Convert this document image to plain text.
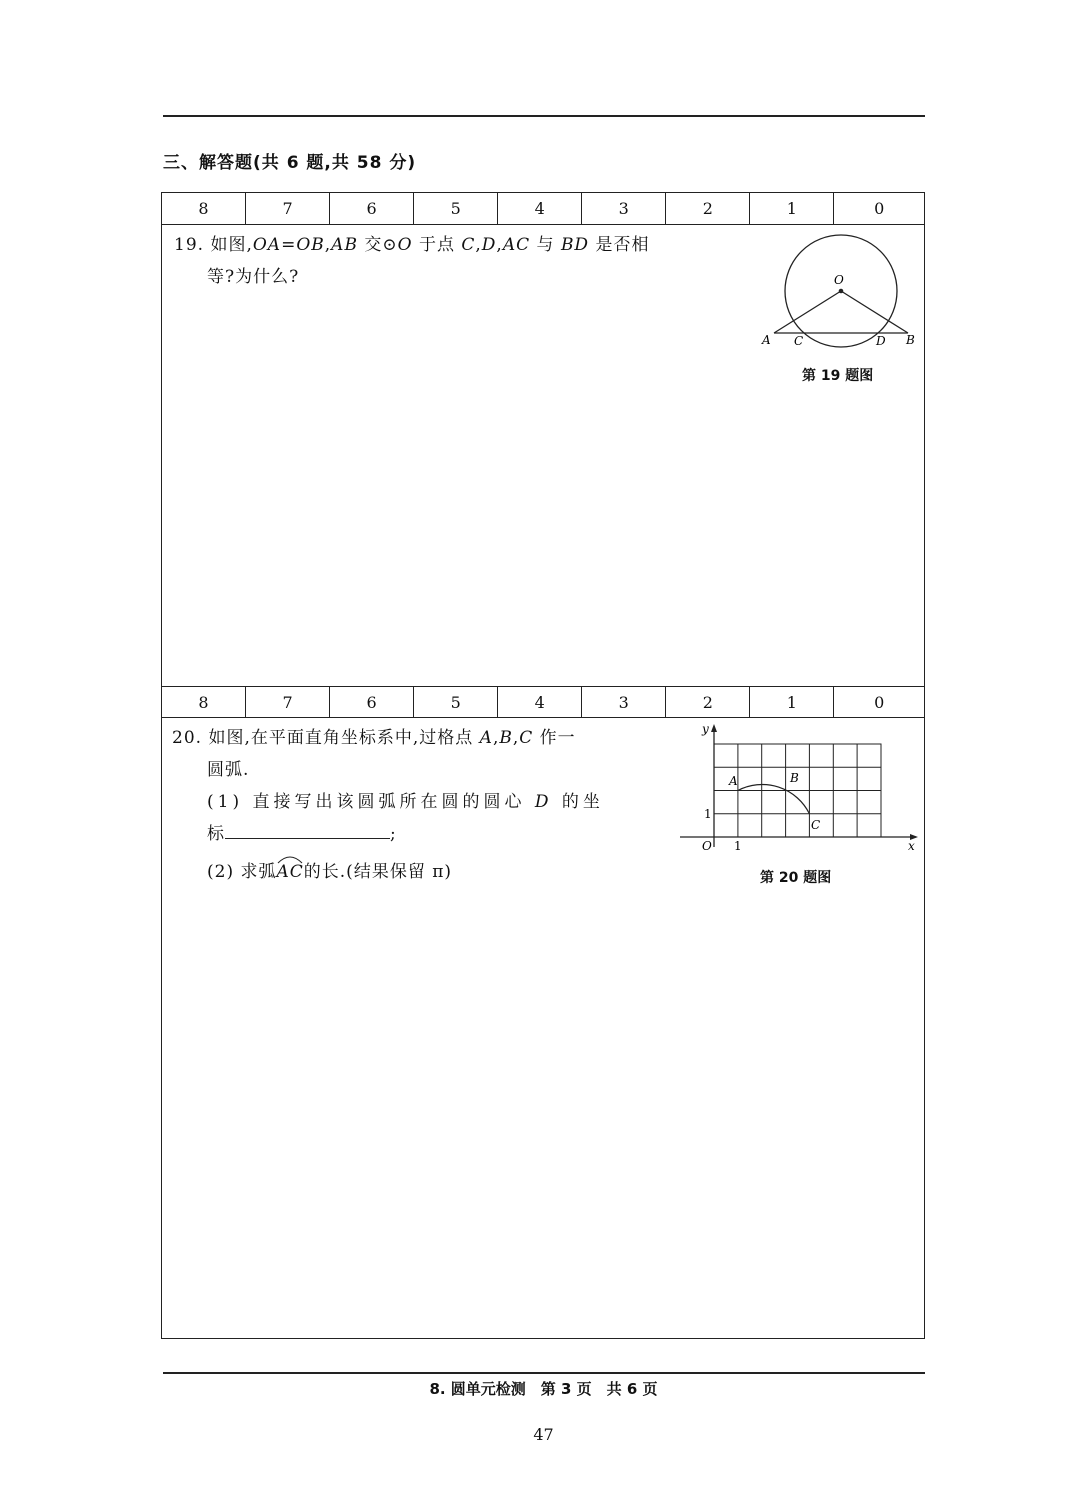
三、解答题(共 6 题,共 58 分)
8	7	6	5	4	3	2	1	0
19. 如图,OA=OB,AB 交⊙O 于点 C,D,AC 与 BD 是否相
等?为什么?	O
A C	D B
第 19 题图
8	7	6	5	4	3	2	1	0
20. 如图,在平面直角坐标系中,过格点 A,B,C 作一
圆弧.
(1) 直接写出该圆弧所在圆的圆心 D 的坐
标	;
(2) 求弧
AC的长.(结果保留 π)
y
x
O
1
1
A	B
C
第 20 题图
8. 圆单元检测　第 3 页　共 6 页
47
